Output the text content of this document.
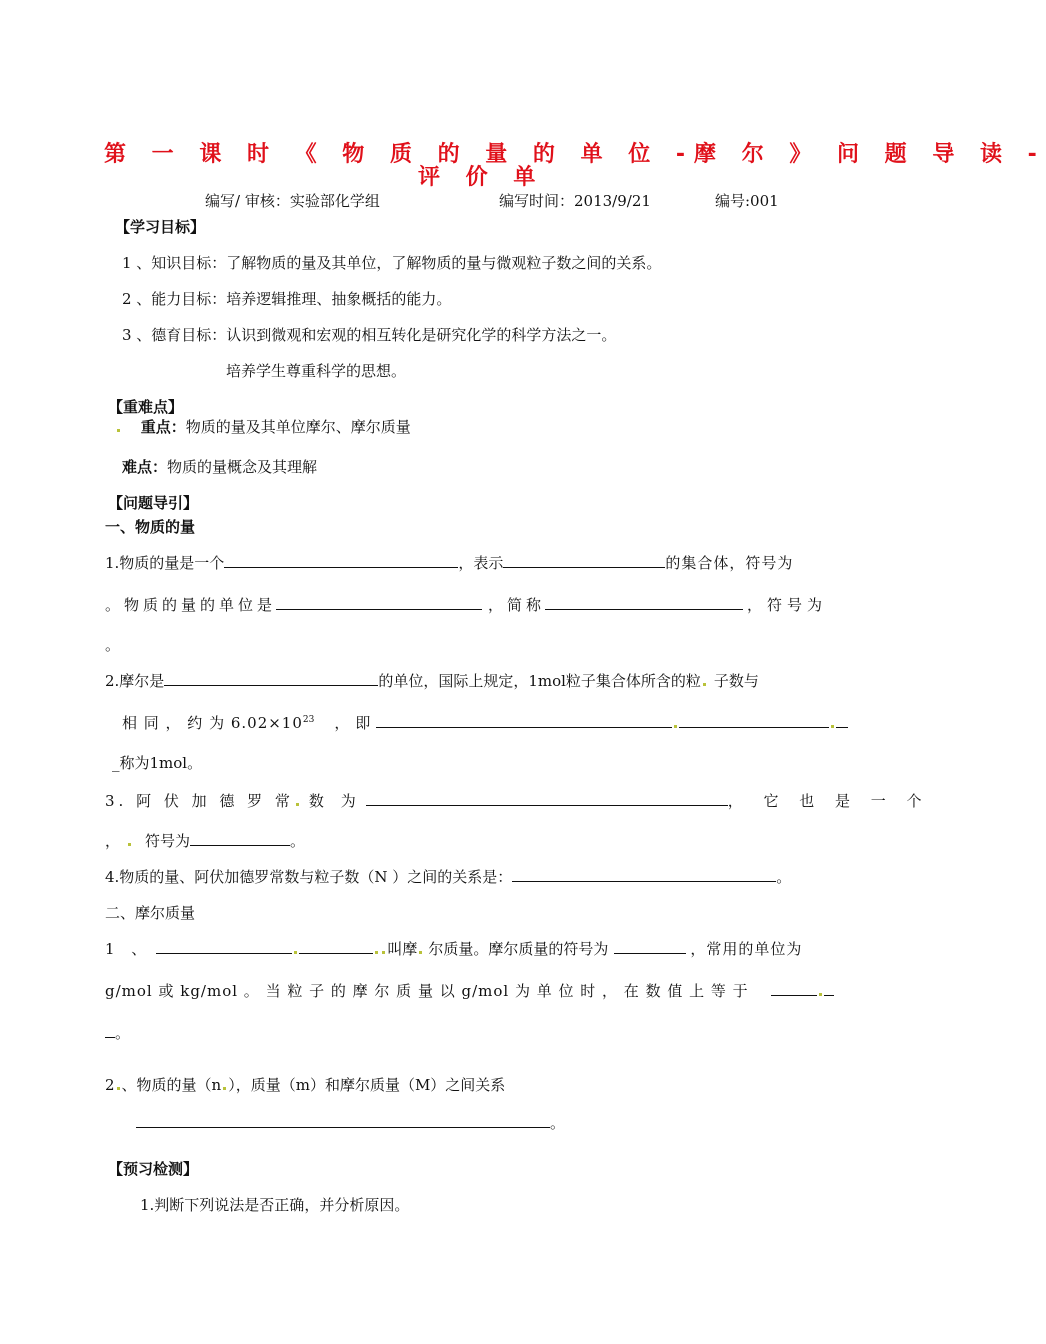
第 一 课 时 《 物 质 的 量 的 单 位 -摩 尔 》 问 题 导 读 -
评 价 单
编写/ 审核：实验部化学组	编写时间：2013/9/21	编号:001
【学习目标】
1 、知识目标：了解物质的量及其单位，了解物质的量与微观粒子数之间的关系。
2 、能力目标：培养逻辑推理、抽象概括的能力。
3 、德育目标：认识到微观和宏观的相互转化是研究化学的科学方法之一。
培养学生尊重科学的思想。
【重难点】
重点：物质的量及其单位摩尔、摩尔质量
难点：物质的量概念及其理解
【问题导引】
一、物质的量
1.物质的量是一个	，表示	的集合体，符号为
。物质的量的单位是	，简称	，符号为
。
2.摩尔是	的单位，国际上规定，1mol粒子集合体所含的粒 子数与
相 同 ， 约 为 $6.02\times 10^{23}$ ，即
_称为1mol。
3. 阿 伏 加 德 罗 常 数 为	， 它 也 是 一 个
， 符号为	。
4.物质的量、阿伏加德罗常数与粒子数（N ）之间的关系是：	。
二、摩尔质量
1 、	叫摩 尔质量。摩尔质量的符号为	，常用的单位为
g/mol 或 kg/mol 。 当 粒 子 的 摩 尔 质 量 以 g/mol 为 单 位 时 ， 在 数 值 上 等 于
。
2 、物质的量（n ），质量（m）和摩尔质量（M）之间关系
。
【预习检测】
1.判断下列说法是否正确，并分析原因。
